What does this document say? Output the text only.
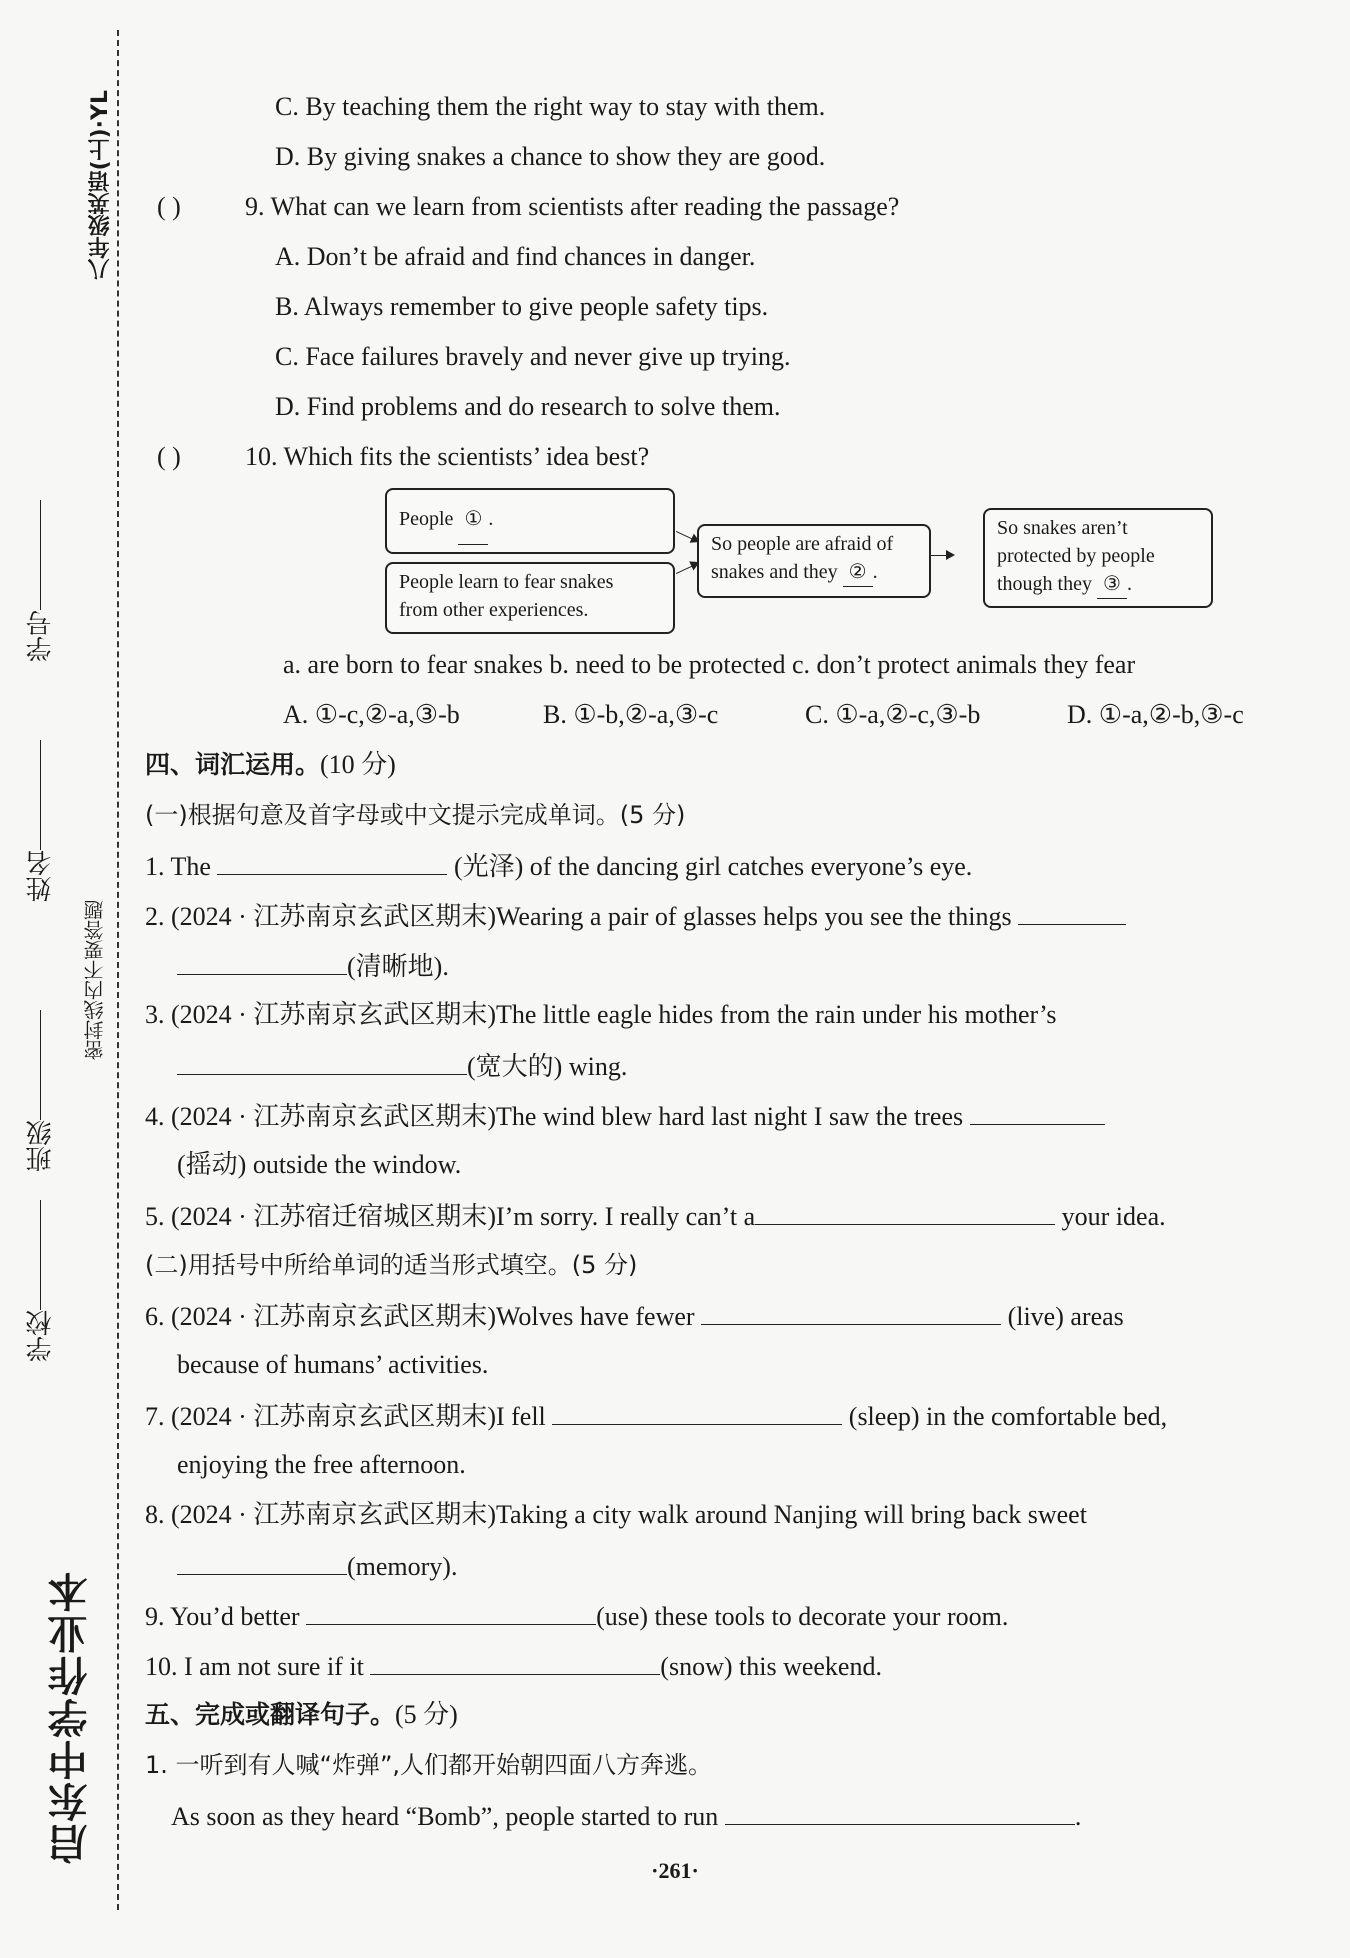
八年级英语(上)·YL
密封线内不要答题
学号
姓名
班级
学校
启东中学作业本
C. By teaching them the right way to stay with them.
D. By giving snakes a chance to show they are good.
( ) 9. What can we learn from scientists after reading the passage?
A. Don’t be afraid and find chances in danger.
B. Always remember to give people safety tips.
C. Face failures bravely and never give up trying.
D. Find problems and do research to solve them.
( ) 10. Which fits the scientists’ idea best?
People ① .
People learn to fear snakes
from other experiences.
So people are afraid of
snakes and they ② .
So snakes aren’t
protected by people
though they ③ .
a. are born to fear snakes b. need to be protected c. don’t protect animals they fear
A. ①-c,②-a,③-b	B. ①-b,②-a,③-c	C. ①-a,②-c,③-b	D. ①-a,②-b,③-c
四、词汇运用。(10 分)
(一)根据句意及首字母或中文提示完成单词。(5 分)
1. The	(光泽) of the dancing girl catches everyone’s eye.
2. (2024 · 江苏南京玄武区期末)Wearing a pair of glasses helps you see the things
(清晰地).
3. (2024 · 江苏南京玄武区期末)The little eagle hides from the rain under his mother’s
(宽大的) wing.
4. (2024 · 江苏南京玄武区期末)The wind blew hard last night I saw the trees
(摇动) outside the window.
5. (2024 · 江苏宿迁宿城区期末)I’m sorry. I really can’t a	your idea.
(二)用括号中所给单词的适当形式填空。(5 分)
6. (2024 · 江苏南京玄武区期末)Wolves have fewer	(live) areas
because of humans’ activities.
7. (2024 · 江苏南京玄武区期末)I fell	(sleep) in the comfortable bed,
enjoying the free afternoon.
8. (2024 · 江苏南京玄武区期末)Taking a city walk around Nanjing will bring back sweet
(memory).
9. You’d better	(use) these tools to decorate your room.
10. I am not sure if it	(snow) this weekend.
五、完成或翻译句子。(5 分)
1. 一听到有人喊“炸弹”,人们都开始朝四面八方奔逃。
As soon as they heard “Bomb”, people started to run	.
·261·
